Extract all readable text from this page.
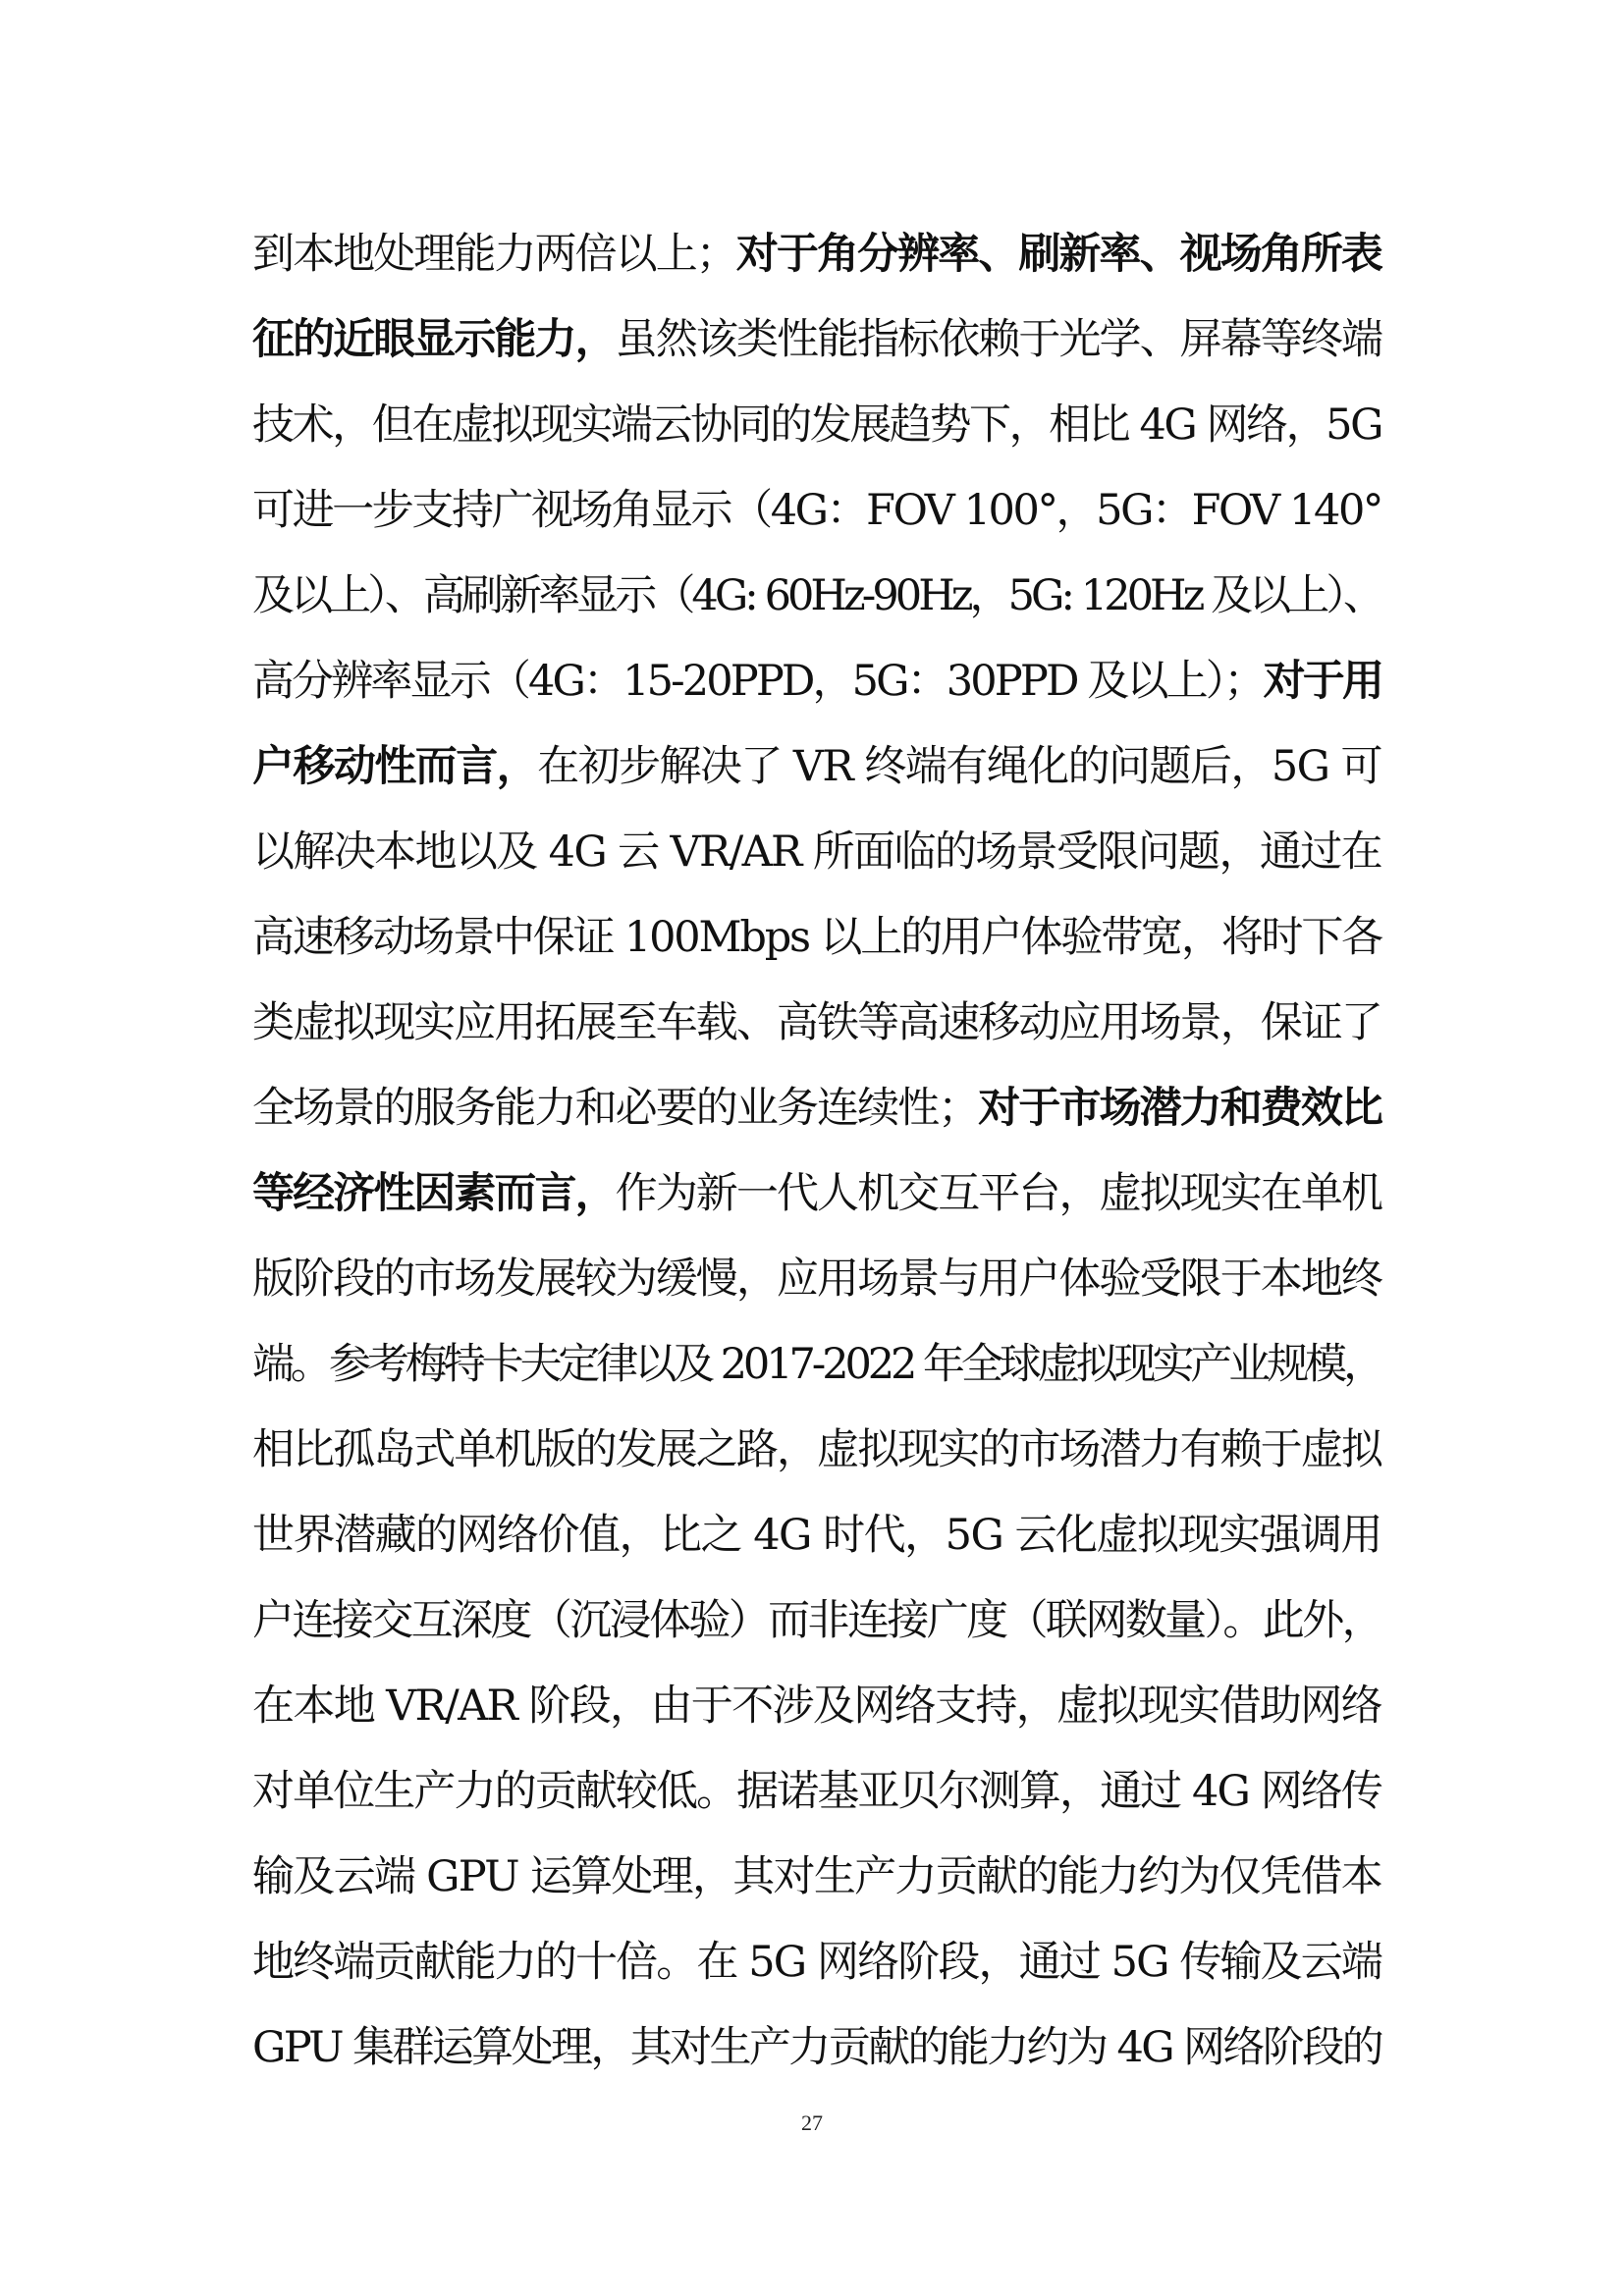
到本地处理能力两倍以上； 对于角分辨率、刷新率、视场角所表
征的近眼显示能力， 虽然该类性能指标依赖于光学、屏幕等终端
技术，但在虚拟现实端云协同的发展趋势下，相比 4G 网络，5G
可进一步支持广视场角显示（4G：FOV 100°，5G：FOV 140°
及以上）、高刷新率显示（4G: 60Hz-90Hz，5G: 120Hz 及以上）、
高分辨率显示（4G：15-20PPD，5G：30PPD 及以上）； 对于用
户移动性而言， 在初步解决了 VR 终端有绳化的问题后，5G 可
以解决本地以及 4G 云 VR/AR 所面临的场景受限问题，通过在
高速移动场景中保证 100Mbps 以上的用户体验带宽，将时下各
类虚拟现实应用拓展至车载、高铁等高速移动应用场景，保证了
全场景的服务能力和必要的业务连续性； 对于市场潜力和费效比
等经济性因素而言， 作为新一代人机交互平台，虚拟现实在单机
版阶段的市场发展较为缓慢，应用场景与用户体验受限于本地终
端。参考梅特卡夫定律以及 2017-2022 年全球虚拟现实产业规模，
相比孤岛式单机版的发展之路，虚拟现实的市场潜力有赖于虚拟
世界潜藏的网络价值，比之 4G 时代，5G 云化虚拟现实强调用
户连接交互深度（沉浸体验）而非连接广度（联网数量）。此外，
在本地 VR/AR 阶段，由于不涉及网络支持，虚拟现实借助网络
对单位生产力的贡献较低。据诺基亚贝尔测算，通过 4G 网络传
输及云端 GPU 运算处理，其对生产力贡献的能力约为仅凭借本
地终端贡献能力的十倍。在 5G 网络阶段，通过 5G 传输及云端
GPU 集群运算处理，其对生产力贡献的能力约为 4G 网络阶段的
27
